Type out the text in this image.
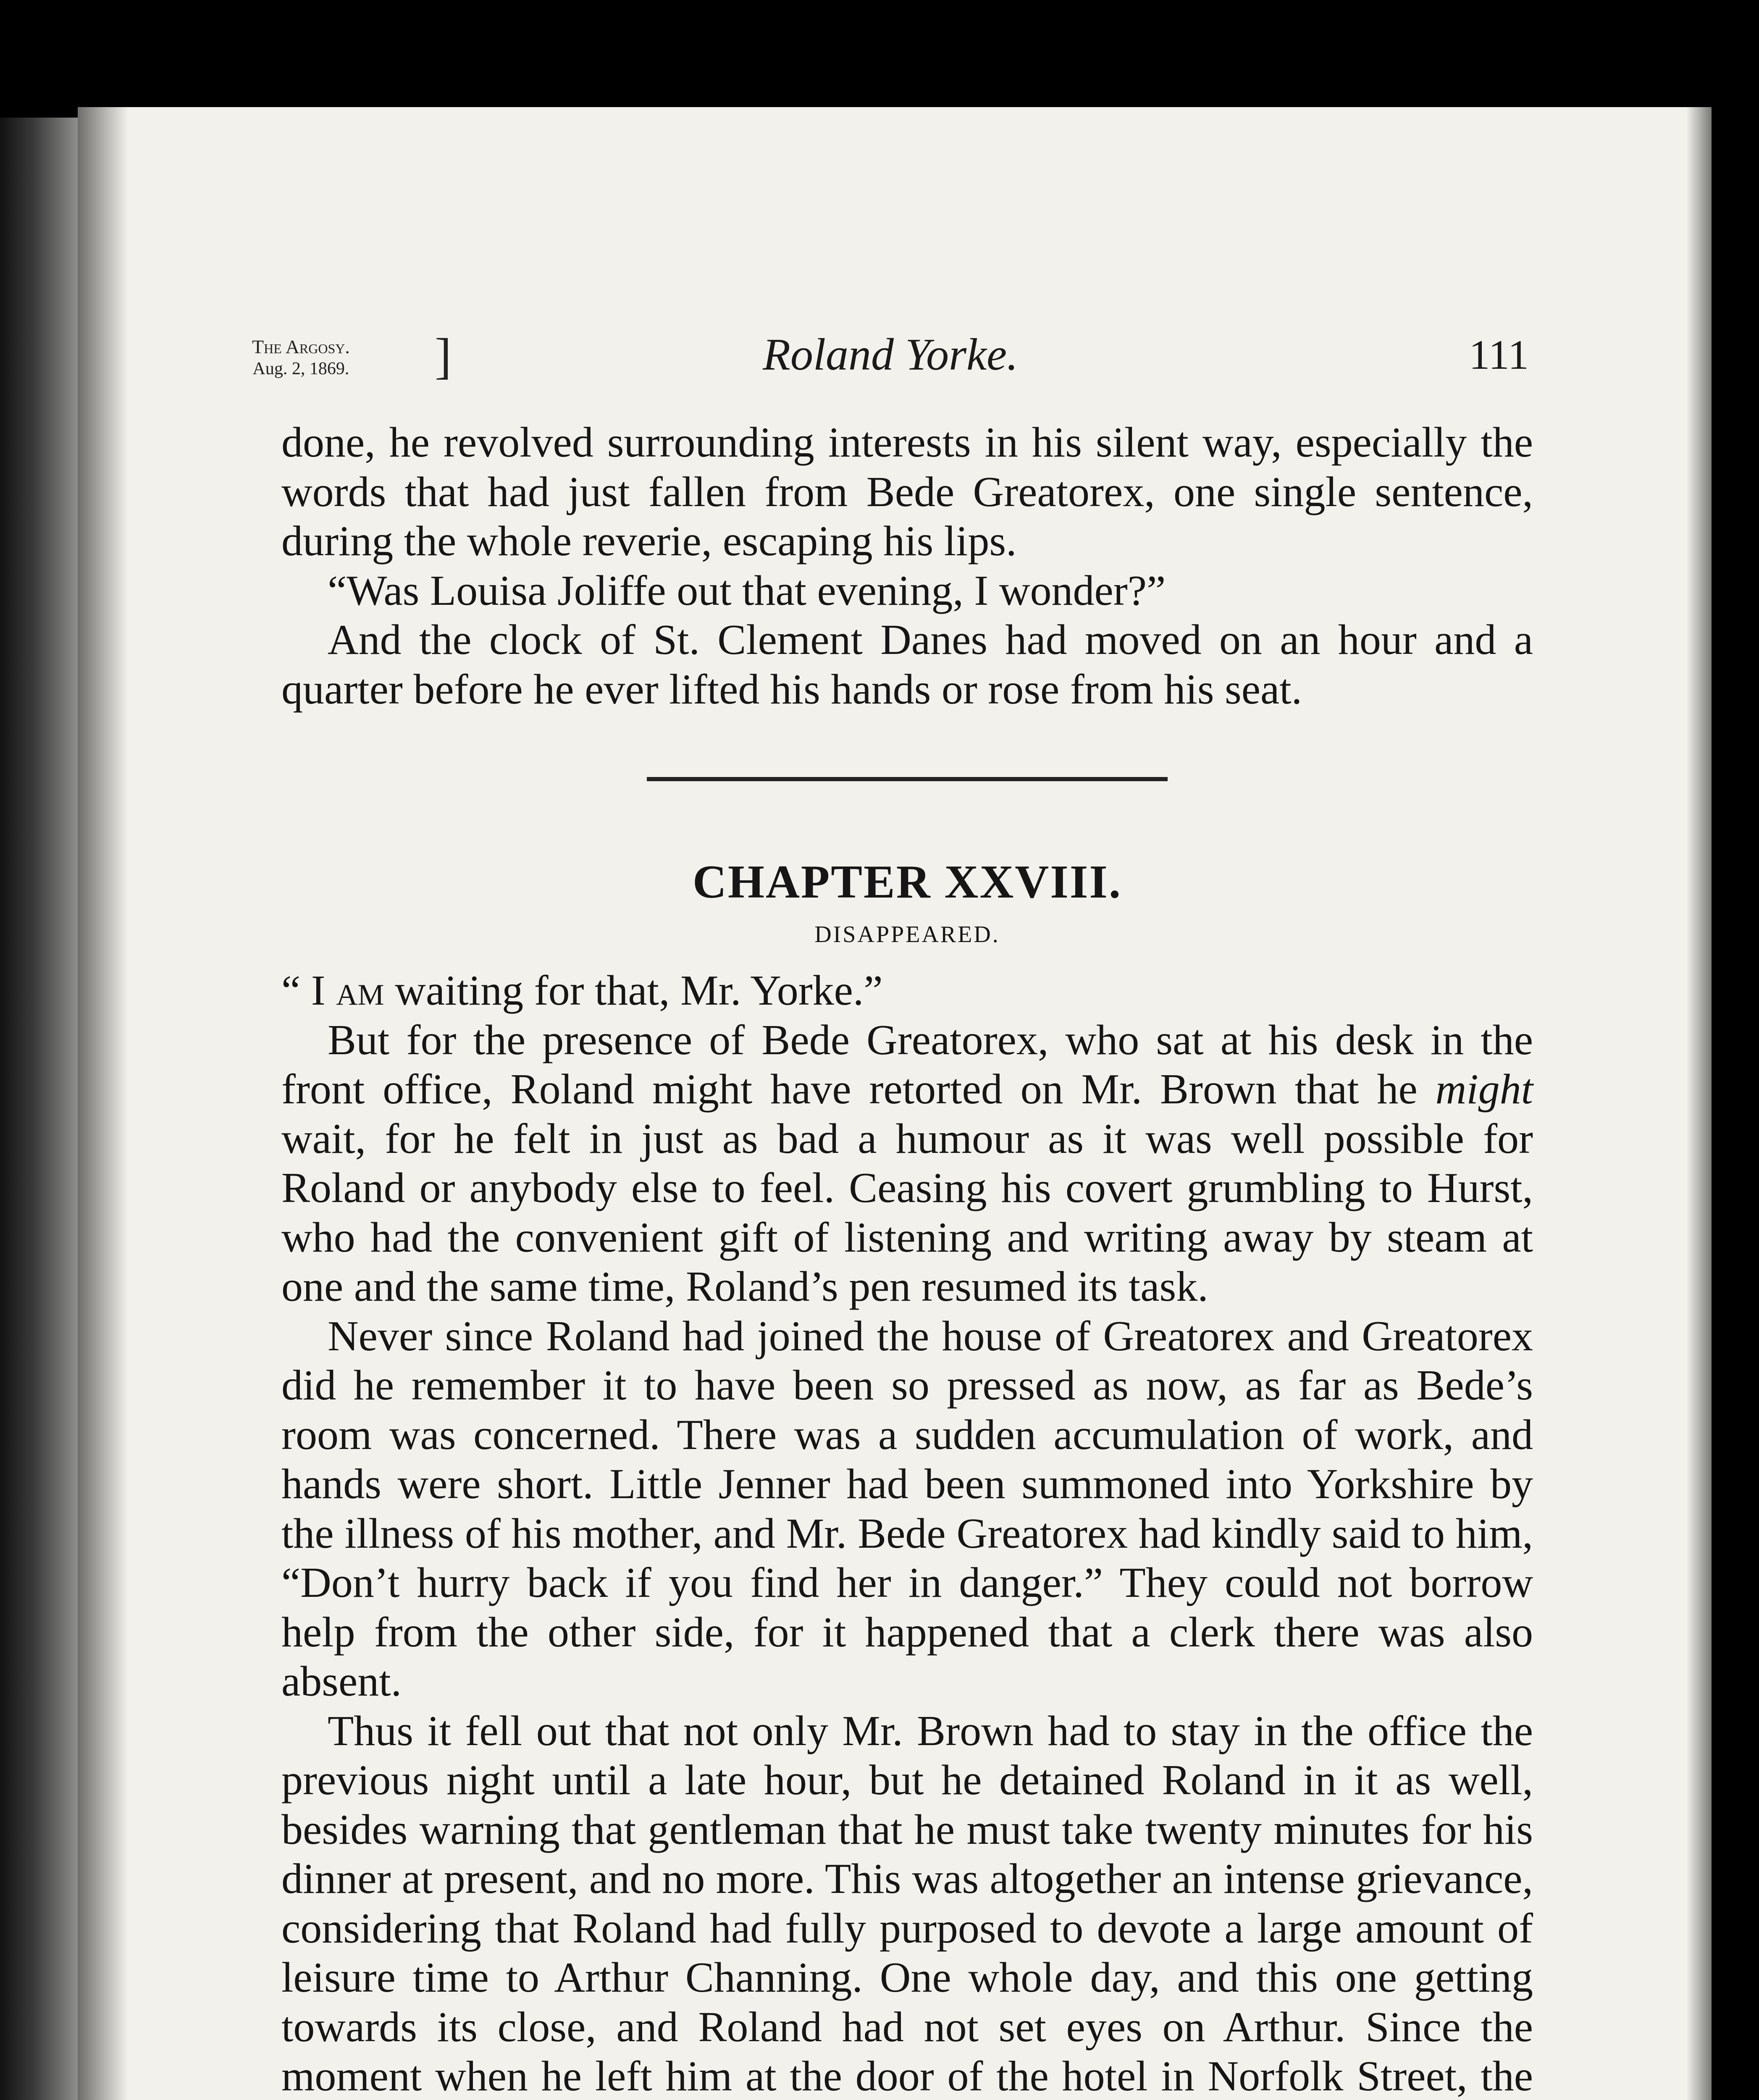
The Argosy.
Aug. 2, 1869. ]	Roland Yorke.	111

done, he revolved surrounding interests in his silent way, especially the words that had just fallen from Bede Greatorex, one single sentence, during the whole reverie, escaping his lips.

“Was Louisa Joliffe out that evening, I wonder?”

And the clock of St. Clement Danes had moved on an hour and a quarter before he ever lifted his hands or rose from his seat.

CHAPTER XXVIII.
DISAPPEARED.

“ I am waiting for that, Mr. Yorke.”

But for the presence of Bede Greatorex, who sat at his desk in the front office, Roland might have retorted on Mr. Brown that he might wait, for he felt in just as bad a humour as it was well possible for Roland or anybody else to feel. Ceasing his covert grumbling to Hurst, who had the convenient gift of listening and writing away by steam at one and the same time, Roland’s pen resumed its task.

Never since Roland had joined the house of Greatorex and Greatorex did he remember it to have been so pressed as now, as far as Bede’s room was concerned. There was a sudden accumulation of work, and hands were short. Little Jenner had been summoned into Yorkshire by the illness of his mother, and Mr. Bede Greatorex had kindly said to him, “Don’t hurry back if you find her in danger.” They could not borrow help from the other side, for it happened that a clerk there was also absent.

Thus it fell out that not only Mr. Brown had to stay in the office the previous night until a late hour, but he detained Roland in it as well, besides warning that gentleman that he must take twenty minutes for his dinner at present, and no more. This was altogether an intense grievance, considering that Roland had fully purposed to devote a large amount of leisure time to Arthur Channing. One whole day, and this one getting towards its close, and Roland had not set eyes on Arthur. Since the moment when he left him at the door of the hotel in Norfolk Street, the
